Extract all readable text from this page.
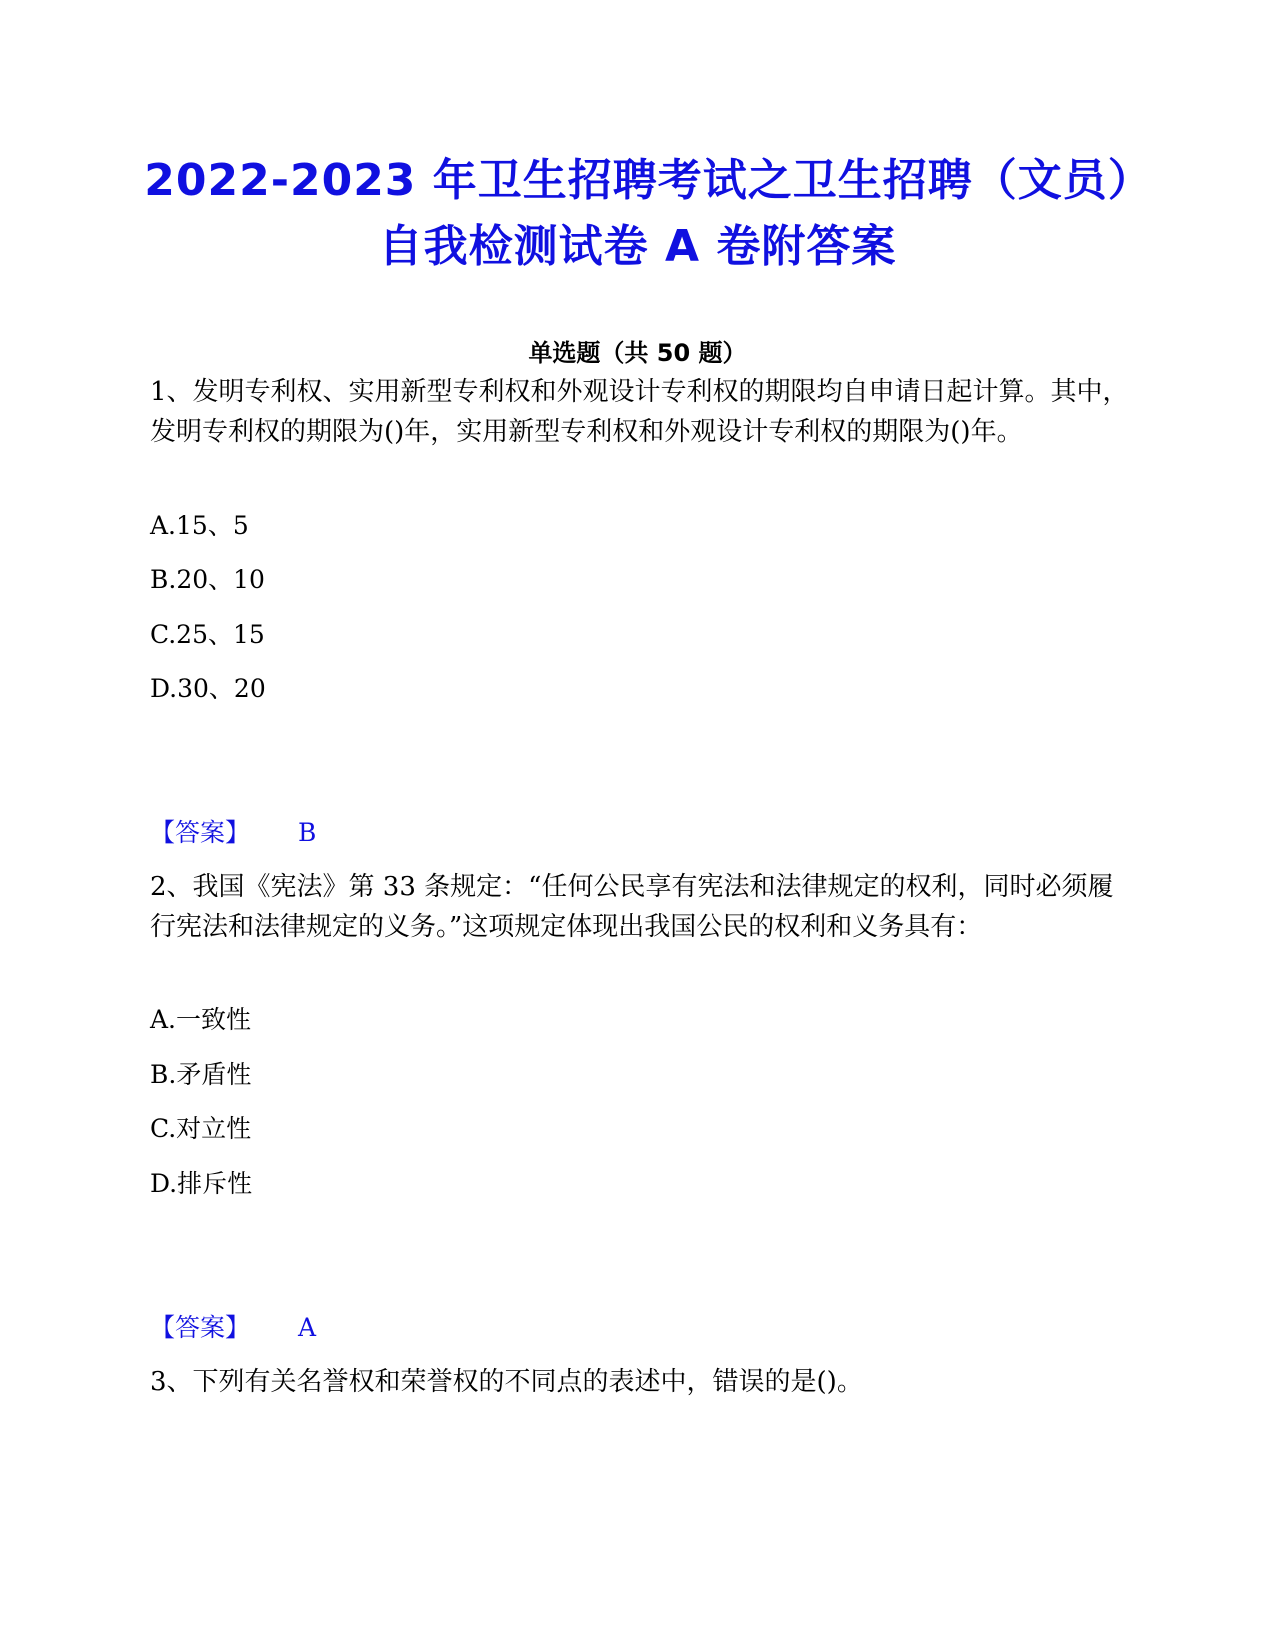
2022-2023 年卫生招聘考试之卫生招聘（文员）自我检测试卷 A 卷附答案
单选题（共 50 题）

1、发明专利权、实用新型专利权和外观设计专利权的期限均自申请日起计算。其中，发明专利权的期限为()年，实用新型专利权和外观设计专利权的期限为()年。

A.15、5
B.20、10
C.25、15
D.30、20
【答案】 B

2、我国《宪法》第 33 条规定：“任何公民享有宪法和法律规定的权利，同时必须履行宪法和法律规定的义务。”这项规定体现出我国公民的权利和义务具有：

A.一致性
B.矛盾性
C.对立性
D.排斥性
【答案】 A

3、下列有关名誉权和荣誉权的不同点的表述中，错误的是()。
